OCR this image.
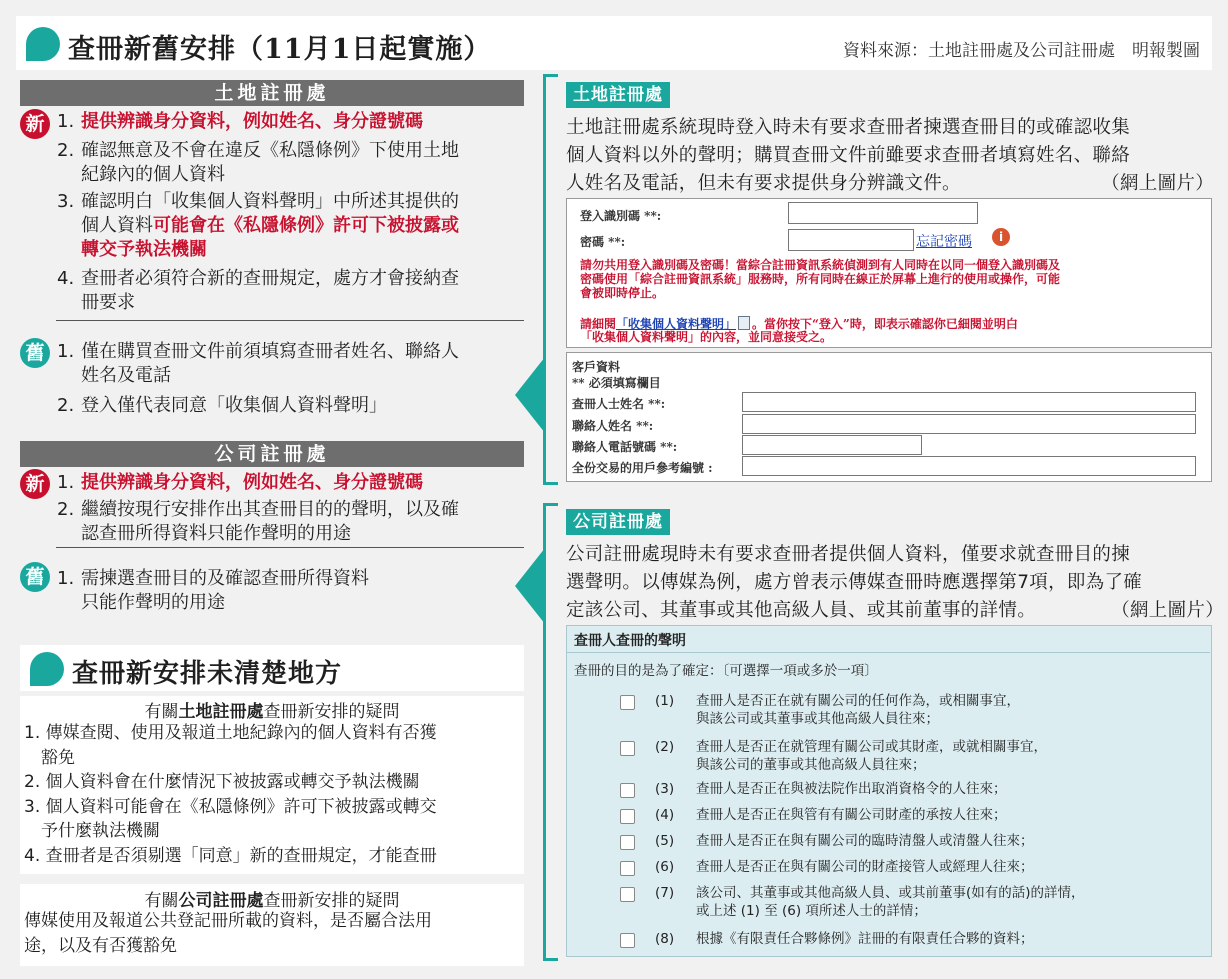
查冊新舊安排（11月1日起實施）	資料來源：土地註冊處及公司註冊處　明報製圖
土地註冊處
新 1. 提供辨識身分資料，例如姓名、身分證號碼
2. 確認無意及不會在違反《私隱條例》下使用土地
紀錄內的個人資料
3. 確認明白「收集個人資料聲明」中所述其提供的
個人資料可能會在《私隱條例》許可下被披露或
轉交予執法機關
4. 查冊者必須符合新的查冊規定，處方才會接納查
冊要求
舊 1. 僅在購買查冊文件前須填寫查冊者姓名、聯絡人
姓名及電話
2. 登入僅代表同意「收集個人資料聲明」
公司註冊處
新 1. 提供辨識身分資料，例如姓名、身分證號碼
2. 繼續按現行安排作出其查冊目的的聲明，以及確
認查冊所得資料只能作聲明的用途
舊 1. 需揀選查冊目的及確認查冊所得資料
只能作聲明的用途
查冊新安排未清楚地方
有關土地註冊處查冊新安排的疑問
1. 傳媒查閱、使用及報道土地紀錄內的個人資料有否獲
　豁免
2. 個人資料會在什麼情況下被披露或轉交予執法機關
3. 個人資料可能會在《私隱條例》許可下被披露或轉交
　予什麼執法機關
4. 查冊者是否須剔選「同意」新的查冊規定，才能查冊
有關公司註冊處查冊新安排的疑問
傳媒使用及報道公共登記冊所載的資料，是否屬合法用
途，以及有否獲豁免
土地註冊處
土地註冊處系統現時登入時未有要求查冊者揀選查冊目的或確認收集
個人資料以外的聲明；購買查冊文件前雖要求查冊者填寫姓名、聯絡
人姓名及電話，但未有要求提供身分辨識文件。	（網上圖片）
登入識別碼 **:
密碼 **:	忘記密碼	i
請勿共用登入識別碼及密碼！當綜合註冊資訊系統偵測到有人同時在以同一個登入識別碼及
密碼使用「綜合註冊資訊系統」服務時，所有同時在線正於屏幕上進行的使用或操作，可能
會被即時停止。
請細閱「收集個人資料聲明」 。當你按下“登入”時，即表示確認你已細閱並明白
「收集個人資料聲明」的內容，並同意接受之。
客戶資料
** 必須填寫欄目
查冊人士姓名 **:
聯絡人姓名 **:
聯絡人電話號碼 **:
全份交易的用戶參考編號 :
公司註冊處
公司註冊處現時未有要求查冊者提供個人資料，僅要求就查冊目的揀
選聲明。以傳媒為例，處方曾表示傳媒查冊時應選擇第7項，即為了確
定該公司、其董事或其他高級人員、或其前董事的詳情。	（網上圖片）
查冊人查冊的聲明
查冊的目的是為了確定：〔可選擇一項或多於一項〕
(1) 查冊人是否正在就有關公司的任何作為，或相關事宜，
與該公司或其董事或其他高級人員往來；
(2) 查冊人是否正在就管理有關公司或其財產，或就相關事宜，
與該公司的董事或其他高級人員往來；
(3) 查冊人是否正在與被法院作出取消資格令的人往來；
(4) 查冊人是否正在與管有有關公司財產的承按人往來；
(5) 查冊人是否正在與有關公司的臨時清盤人或清盤人往來；
(6) 查冊人是否正在與有關公司的財產接管人或經理人往來；
(7) 該公司、其董事或其他高級人員、或其前董事(如有的話)的詳情，
或上述 (1) 至 (6) 項所述人士的詳情；
(8) 根據《有限責任合夥條例》註冊的有限責任合夥的資料；
